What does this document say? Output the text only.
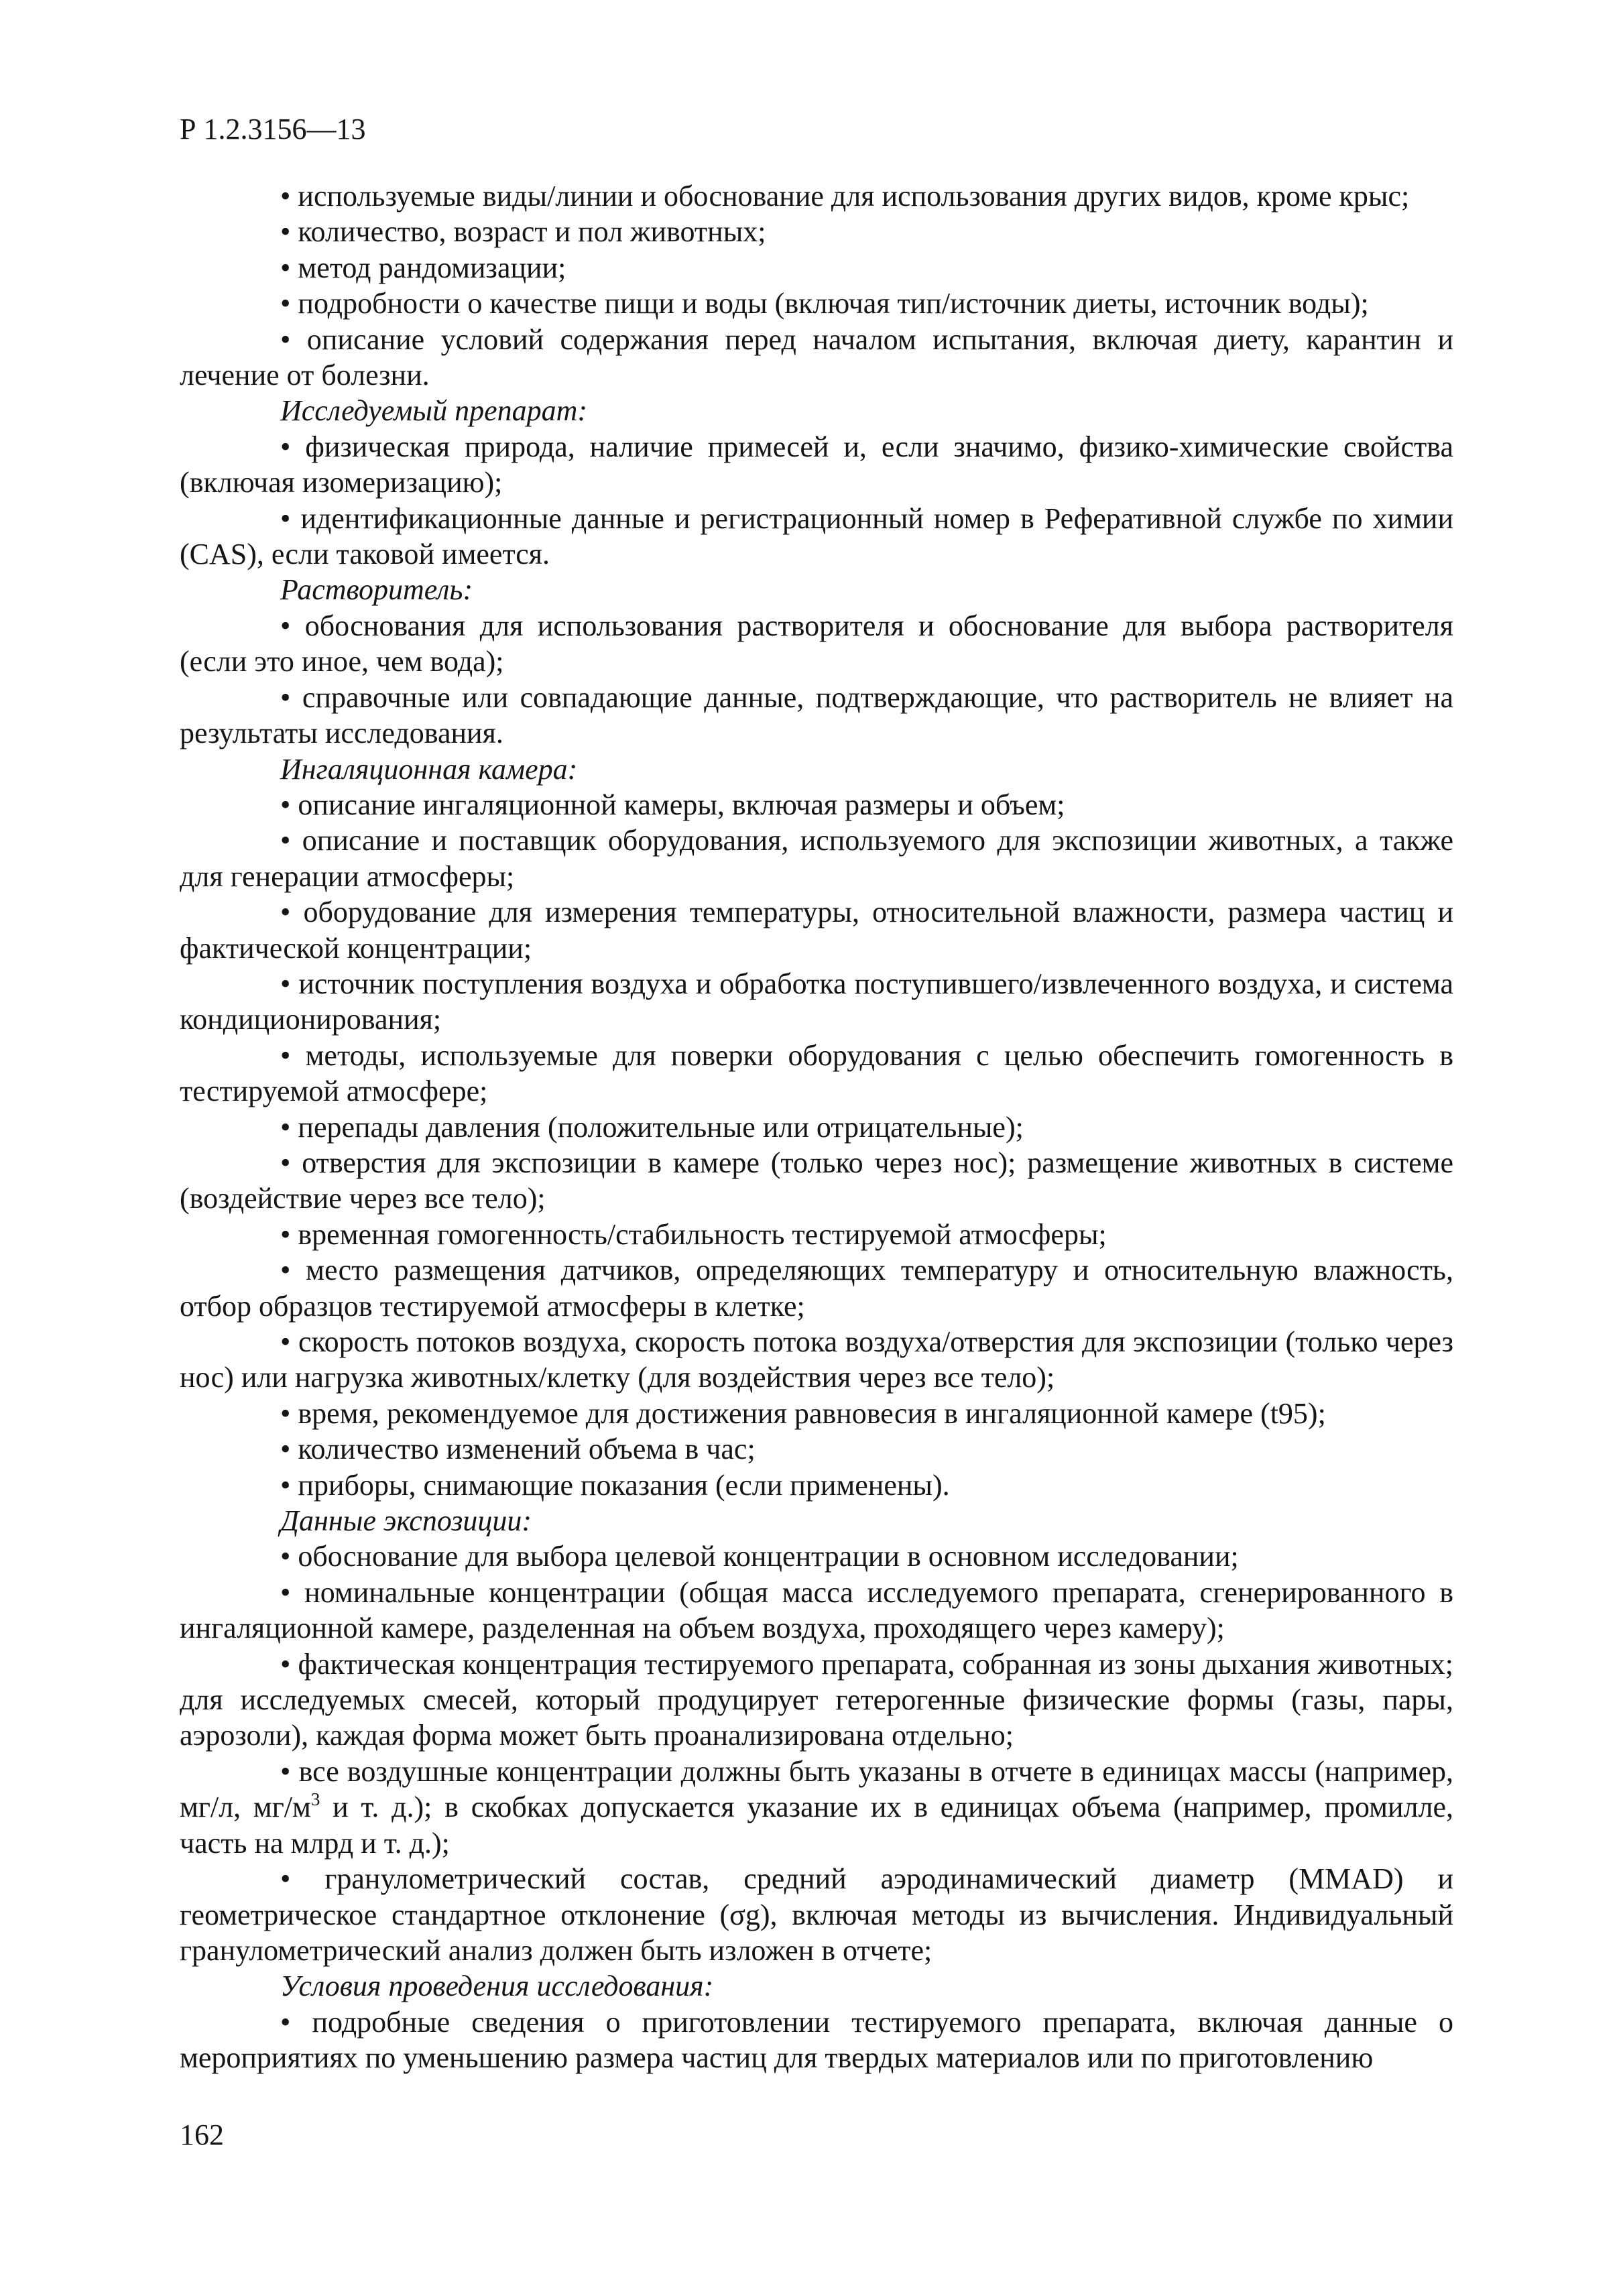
Р 1.2.3156—13

• используемые виды/линии и обоснование для использования других видов, кроме крыс;

• количество, возраст и пол животных;

• метод рандомизации;

• подробности о качестве пищи и воды (включая тип/источник диеты, источник воды);

• описание условий содержания перед началом испытания, включая диету, карантин и лечение от болезни.

Исследуемый препарат:

• физическая природа, наличие примесей и, если значимо, физико-химические свойства (включая изомеризацию);

• идентификационные данные и регистрационный номер в Реферативной службе по химии (CAS), если таковой имеется.

Растворитель:

• обоснования для использования растворителя и обоснование для выбора растворителя (если это иное, чем вода);

• справочные или совпадающие данные, подтверждающие, что растворитель не влияет на результаты исследования.

Ингаляционная камера:

• описание ингаляционной камеры, включая размеры и объем;

• описание и поставщик оборудования, используемого для экспозиции животных, а также для генерации атмосферы;

• оборудование для измерения температуры, относительной влажности, размера частиц и фактической концентрации;

• источник поступления воздуха и обработка поступившего/извлеченного воздуха, и система кондиционирования;

• методы, используемые для поверки оборудования с целью обеспечить гомогенность в тестируемой атмосфере;

• перепады давления (положительные или отрицательные);

• отверстия для экспозиции в камере (только через нос); размещение животных в системе (воздействие через все тело);

• временная гомогенность/стабильность тестируемой атмосферы;

• место размещения датчиков, определяющих температуру и относительную влажность, отбор образцов тестируемой атмосферы в клетке;

• скорость потоков воздуха, скорость потока воздуха/отверстия для экспозиции (только через нос) или нагрузка животных/клетку (для воздействия через все тело);

• время, рекомендуемое для достижения равновесия в ингаляционной камере (t95);

• количество изменений объема в час;

• приборы, снимающие показания (если применены).

Данные экспозиции:

• обоснование для выбора целевой концентрации в основном исследовании;

• номинальные концентрации (общая масса исследуемого препарата, сгенерированного в ингаляционной камере, разделенная на объем воздуха, проходящего через камеру);

• фактическая концентрация тестируемого препарата, собранная из зоны дыхания животных; для исследуемых смесей, который продуцирует гетерогенные физические формы (газы, пары, аэрозоли), каждая форма может быть проанализирована отдельно;

• все воздушные концентрации должны быть указаны в отчете в единицах массы (например, мг/л, $мг/м^3$ и т. д.); в скобках допускается указание их в единицах объема (например, промилле, часть на млрд и т. д.);

• гранулометрический состав, средний аэродинамический диаметр (MMAD) и геометрическое стандартное отклонение (σg), включая методы из вычисления. Индивидуальный гранулометрический анализ должен быть изложен в отчете;

Условия проведения исследования:

• подробные сведения о приготовлении тестируемого препарата, включая данные о мероприятиях по уменьшению размера частиц для твердых материалов или по приготовлению

162
